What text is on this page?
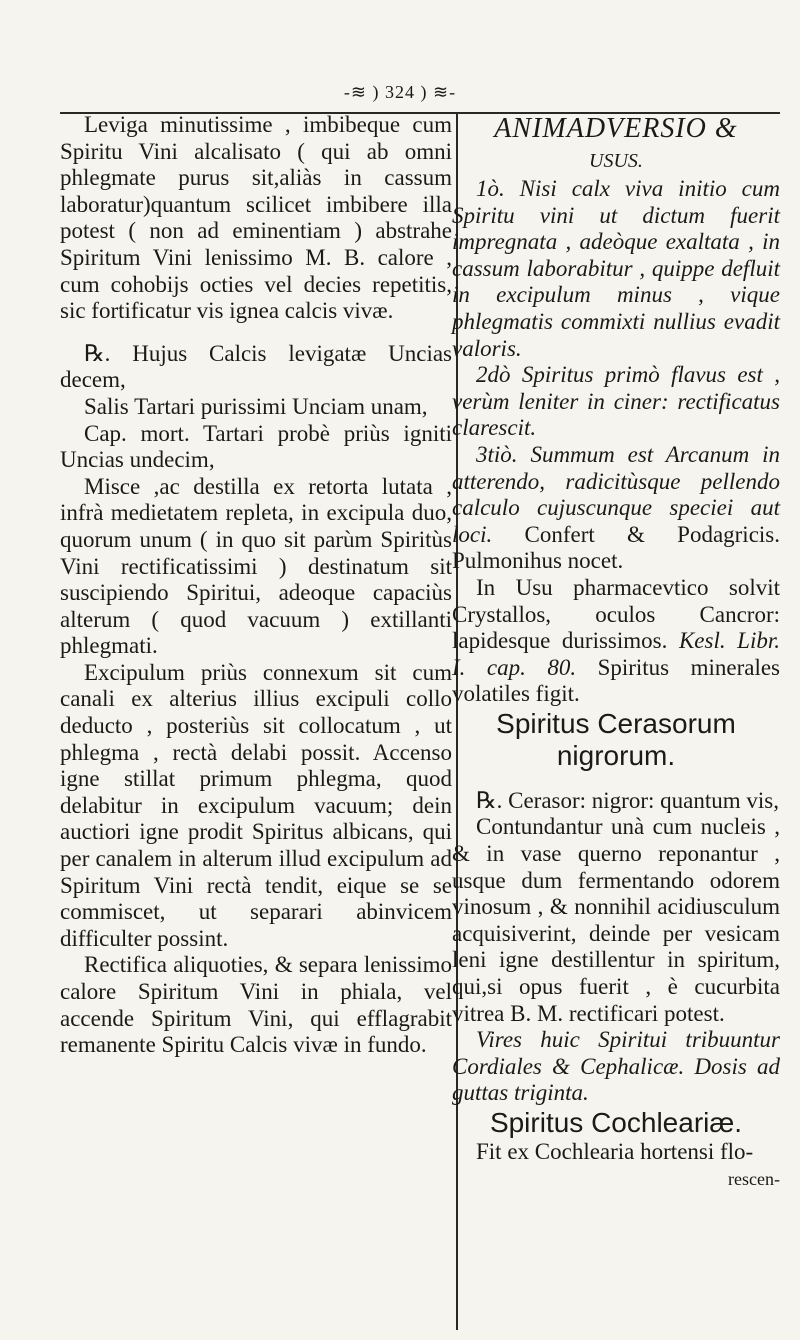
-≋ ) 324 ) ≋-

Leviga minutissime , imbibeque cum Spiritu Vini alcalisato ( qui ab omni phlegmate purus sit,aliàs in cassum laboratur)quantum scilicet imbibere illa potest ( non ad eminentiam ) abstrahe Spiritum Vini lenissimo M. B. calore , cum cohobijs octies vel decies repetitis, sic fortificatur vis ignea calcis vivæ.

℞. Hujus Calcis levigatæ Uncias decem,

Salis Tartari purissimi Unciam unam,

Cap. mort. Tartari probè priùs igniti Uncias undecim,

Misce ,ac destilla ex retorta lutata , infrà medietatem repleta, in excipula duo, quorum unum ( in quo sit parùm Spiritùs Vini rectificatissimi ) destinatum sit suscipiendo Spiritui, adeoque capaciùs alterum ( quod vacuum ) extillanti phlegmati.

Excipulum priùs connexum sit cum canali ex alterius illius excipuli collo deducto , posteriùs sit collocatum , ut phlegma , rectà delabi possit. Accenso igne stillat primum phlegma, quod delabitur in excipulum vacuum; dein auctiori igne prodit Spiritus albicans, qui per canalem in alterum illud excipulum ad Spiritum Vini rectà tendit, eique se se commiscet, ut separari abinvicem difficulter possint.

Rectifica aliquoties, & separa lenissimo calore Spiritum Vini in phiala, vel accende Spiritum Vini, qui efflagrabit remanente Spiritu Calcis vivæ in fundo.

ANIMADVERSIO &

USUS.

1ò. Nisi calx viva initio cum Spiritu vini ut dictum fuerit impregnata , adeòque exaltata , in cassum laborabitur , quippe defluit in excipulum minus , vique phlegmatis commixti nullius evadit valoris.

2dò Spiritus primò flavus est , verùm leniter in ciner: rectificatus clarescit.

3tiò. Summum est Arcanum in atterendo, radicitùsque pellendo calculo cujuscunque speciei aut loci. Confert & Podagricis. Pulmonihus nocet.

In Usu pharmacevtico solvit Crystallos, oculos Cancror: lapidesque durissimos. Kesl. Libr. I. cap. 80. Spiritus minerales volatiles figit.

Spiritus Cerasorum nigrorum.

℞. Cerasor: nigror: quantum vis,

Contundantur unà cum nucleis , & in vase querno reponantur , usque dum fermentando odorem vinosum , & nonnihil acidiusculum acquisiverint, deinde per vesicam leni igne destillentur in spiritum, qui,si opus fuerit , è cucurbita vitrea B. M. rectificari potest.

Vires huic Spiritui tribuuntur Cordiales & Cephalicæ. Dosis ad guttas triginta.

Spiritus Cochleariæ.

Fit ex Cochlearia hortensi flo-

rescen-
